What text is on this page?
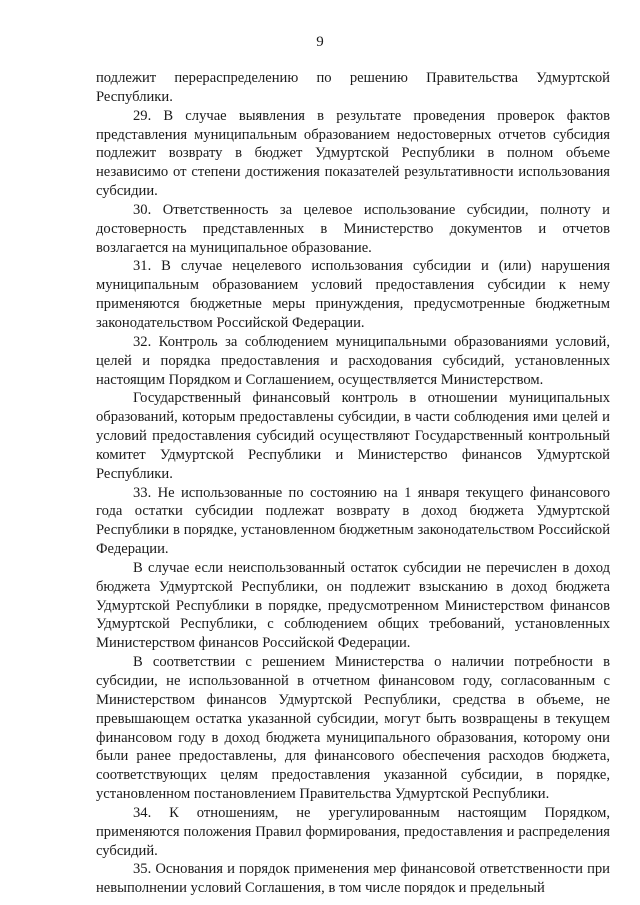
9

подлежит перераспределению по решению Правительства Удмуртской Республики.

29. В случае выявления в результате проведения проверок фактов представления муниципальным образованием недостоверных отчетов субсидия подлежит возврату в бюджет Удмуртской Республики в полном объеме независимо от степени достижения показателей результативности использования субсидии.

30. Ответственность за целевое использование субсидии, полноту и достоверность представленных в Министерство документов и отчетов возлагается на муниципальное образование.

31. В случае нецелевого использования субсидии и (или) нарушения муниципальным образованием условий предоставления субсидии к нему применяются бюджетные меры принуждения, предусмотренные бюджетным законодательством Российской Федерации.

32. Контроль за соблюдением муниципальными образованиями условий, целей и порядка предоставления и расходования субсидий, установленных настоящим Порядком и Соглашением, осуществляется Министерством.

Государственный финансовый контроль в отношении муниципальных образований, которым предоставлены субсидии, в части соблюдения ими целей и условий предоставления субсидий осуществляют Государственный контрольный комитет Удмуртской Республики и Министерство финансов Удмуртской Республики.

33. Не использованные по состоянию на 1 января текущего финансового года остатки субсидии подлежат возврату в доход бюджета Удмуртской Республики в порядке, установленном бюджетным законодательством Российской Федерации.

В случае если неиспользованный остаток субсидии не перечислен в доход бюджета Удмуртской Республики, он подлежит взысканию в доход бюджета Удмуртской Республики в порядке, предусмотренном Министерством финансов Удмуртской Республики, с соблюдением общих требований, установленных Министерством финансов Российской Федерации.

В соответствии с решением Министерства о наличии потребности в субсидии, не использованной в отчетном финансовом году, согласованным с Министерством финансов Удмуртской Республики, средства в объеме, не превышающем остатка указанной субсидии, могут быть возвращены в текущем финансовом году в доход бюджета муниципального образования, которому они были ранее предоставлены, для финансового обеспечения расходов бюджета, соответствующих целям предоставления указанной субсидии, в порядке, установленном постановлением Правительства Удмуртской Республики.

34. К отношениям, не урегулированным настоящим Порядком, применяются положения Правил формирования, предоставления и распределения субсидий.

35. Основания и порядок применения мер финансовой ответственности при невыполнении условий Соглашения, в том числе порядок и предельный
